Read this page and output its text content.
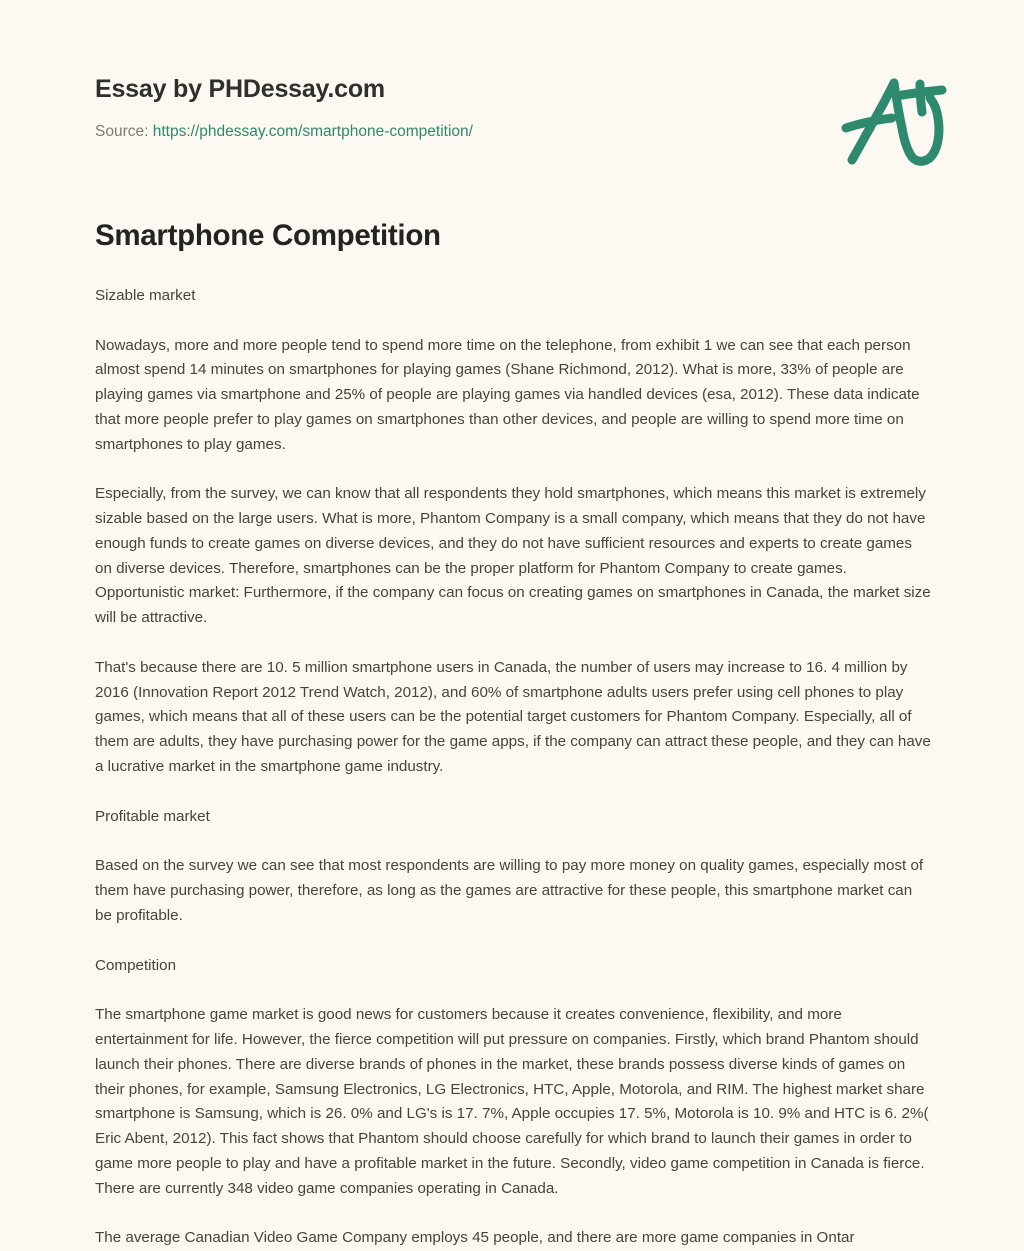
Essay by PHDessay.com
Source: https://phdessay.com/smartphone-competition/
Smartphone Competition

Sizable market

Nowadays, more and more people tend to spend more time on the telephone, from exhibit 1 we can see that each person almost spend 14 minutes on smartphones for playing games (Shane Richmond, 2012). What is more, 33% of people are playing games via smartphone and 25% of people are playing games via handled devices (esa, 2012). These data indicate that more people prefer to play games on smartphones than other devices, and people are willing to spend more time on smartphones to play games.

Especially, from the survey, we can know that all respondents they hold smartphones, which means this market is extremely sizable based on the large users. What is more, Phantom Company is a small company, which means that they do not have enough funds to create games on diverse devices, and they do not have sufficient resources and experts to create games on diverse devices. Therefore, smartphones can be the proper platform for Phantom Company to create games. Opportunistic market: Furthermore, if the company can focus on creating games on smartphones in Canada, the market size will be attractive.

That's because there are 10. 5 million smartphone users in Canada, the number of users may increase to 16. 4 million by 2016 (Innovation Report 2012 Trend Watch, 2012), and 60% of smartphone adults users prefer using cell phones to play games, which means that all of these users can be the potential target customers for Phantom Company. Especially, all of them are adults, they have purchasing power for the game apps, if the company can attract these people, and they can have a lucrative market in the smartphone game industry.

Profitable market

Based on the survey we can see that most respondents are willing to pay more money on quality games, especially most of them have purchasing power, therefore, as long as the games are attractive for these people, this smartphone market can be profitable.

Competition

The smartphone game market is good news for customers because it creates convenience, flexibility, and more entertainment for life. However, the fierce competition will put pressure on companies. Firstly, which brand Phantom should launch their phones. There are diverse brands of phones in the market, these brands possess diverse kinds of games on their phones, for example, Samsung Electronics, LG Electronics, HTC, Apple, Motorola, and RIM. The highest market share smartphone is Samsung, which is 26. 0% and LG's is 17. 7%, Apple occupies 17. 5%, Motorola is 10. 9% and HTC is 6. 2%( Eric Abent, 2012). This fact shows that Phantom should choose carefully for which brand to launch their games in order to game more people to play and have a profitable market in the future. Secondly, video game competition in Canada is fierce. There are currently 348 video game companies operating in Canada.

The average Canadian Video Game Company employs 45 people, and there are more game companies in Ontar
